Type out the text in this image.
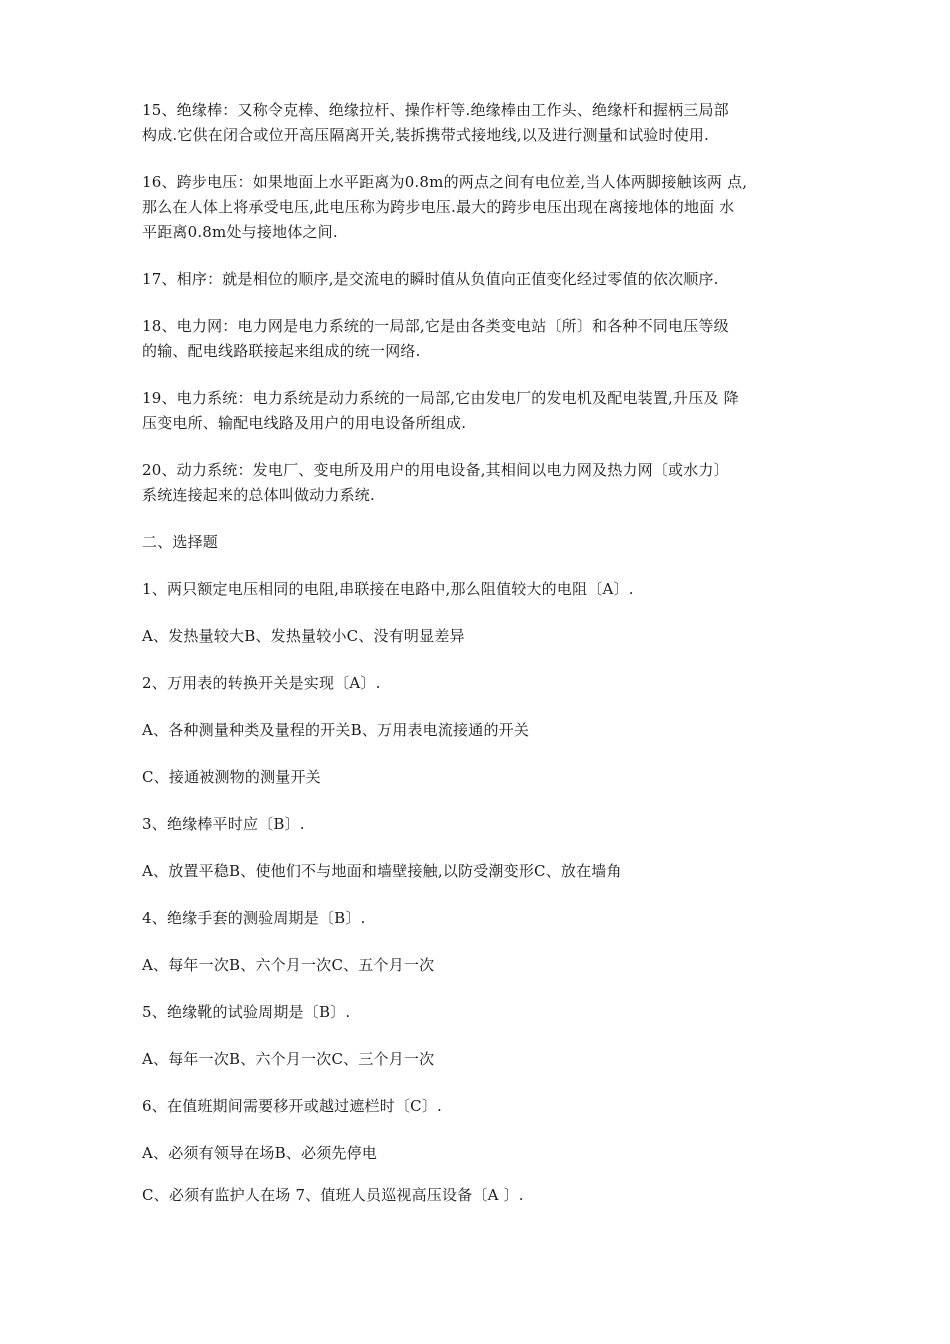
15、绝缘棒：又称令克棒、绝缘拉杆、操作杆等.绝缘棒由工作头、绝缘杆和握柄三局部
构成.它供在闭合或位开高压隔离开关,装拆携带式接地线,以及进行测量和试验时使用.
16、跨步电压：如果地面上水平距离为0.8m的两点之间有电位差,当人体两脚接触该两 点,
那么在人体上将承受电压,此电压称为跨步电压.最大的跨步电压出现在离接地体的地面 水
平距离0.8m处与接地体之间.
17、相序：就是相位的顺序,是交流电的瞬时值从负值向正值变化经过零值的依次顺序.
18、电力网：电力网是电力系统的一局部,它是由各类变电站〔所〕和各种不同电压等级
的输、配电线路联接起来组成的统一网络.
19、电力系统：电力系统是动力系统的一局部,它由发电厂的发电机及配电装置,升压及 降
压变电所、输配电线路及用户的用电设备所组成.
20、动力系统：发电厂、变电所及用户的用电设备,其相间以电力网及热力网〔或水力〕
系统连接起来的总体叫做动力系统.
二、选择题
1、两只额定电压相同的电阻,串联接在电路中,那么阻值较大的电阻〔A〕.
A、发热量较大B、发热量较小C、没有明显差异
2、万用表的转换开关是实现〔A〕.
A、各种测量种类及量程的开关B、万用表电流接通的开关
C、接通被测物的测量开关
3、绝缘棒平时应〔B〕.
A、放置平稳B、使他们不与地面和墙壁接触,以防受潮变形C、放在墙角
4、绝缘手套的测验周期是〔B〕.
A、每年一次B、六个月一次C、五个月一次
5、绝缘靴的试验周期是〔B〕.
A、每年一次B、六个月一次C、三个月一次
6、在值班期间需要移开或越过遮栏时〔C〕.
A、必须有领导在场B、必须先停电
C、必须有监护人在场 7、值班人员巡视高压设备〔A 〕.
